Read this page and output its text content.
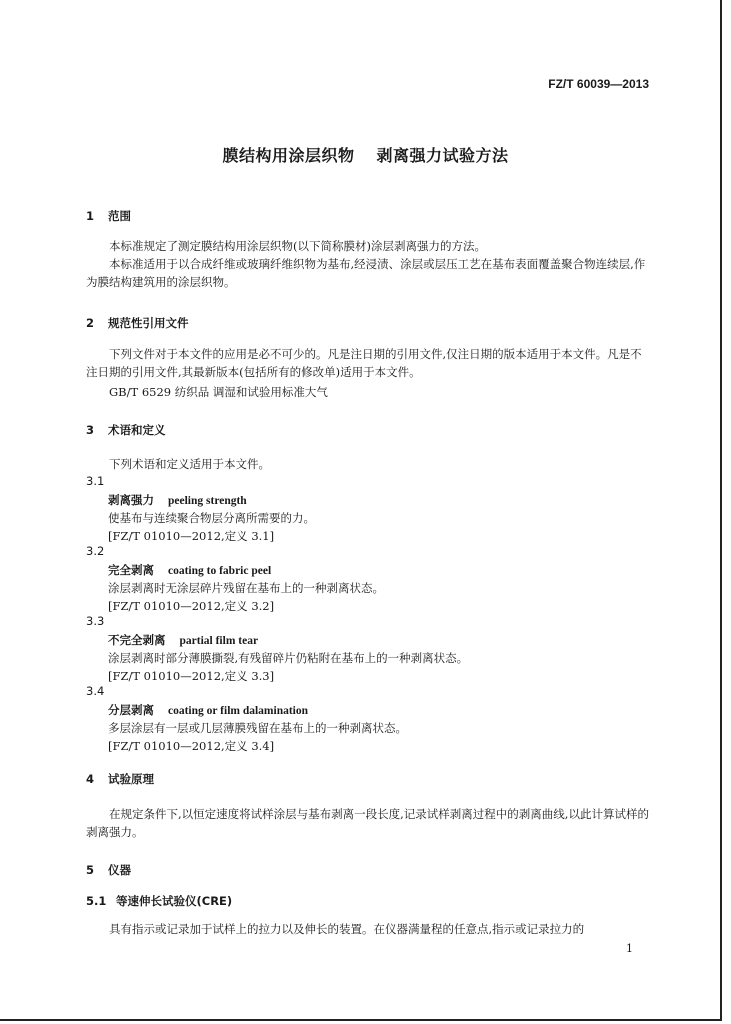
FZ/T 60039—2013
膜结构用涂层织物 剥离强力试验方法
1 范围
本标准规定了测定膜结构用涂层织物(以下简称膜材)涂层剥离强力的方法。
本标准适用于以合成纤维或玻璃纤维织物为基布,经浸渍、涂层或层压工艺在基布表面覆盖聚合物连续层,作为膜结构建筑用的涂层织物。
2 规范性引用文件
下列文件对于本文件的应用是必不可少的。凡是注日期的引用文件,仅注日期的版本适用于本文件。凡是不注日期的引用文件,其最新版本(包括所有的修改单)适用于本文件。
GB/T 6529 纺织品 调湿和试验用标准大气
3 术语和定义
下列术语和定义适用于本文件。
3.1
剥离强力 peeling strength
使基布与连续聚合物层分离所需要的力。
[FZ/T 01010—2012,定义 3.1]
3.2
完全剥离 coating to fabric peel
涂层剥离时无涂层碎片残留在基布上的一种剥离状态。
[FZ/T 01010—2012,定义 3.2]
3.3
不完全剥离 partial film tear
涂层剥离时部分薄膜撕裂,有残留碎片仍粘附在基布上的一种剥离状态。
[FZ/T 01010—2012,定义 3.3]
3.4
分层剥离 coating or film dalamination
多层涂层有一层或几层薄膜残留在基布上的一种剥离状态。
[FZ/T 01010—2012,定义 3.4]
4 试验原理
在规定条件下,以恒定速度将试样涂层与基布剥离一段长度,记录试样剥离过程中的剥离曲线,以此计算试样的剥离强力。
5 仪器
5.1 等速伸长试验仪(CRE)
具有指示或记录加于试样上的拉力以及伸长的装置。在仪器满量程的任意点,指示或记录拉力的
1
